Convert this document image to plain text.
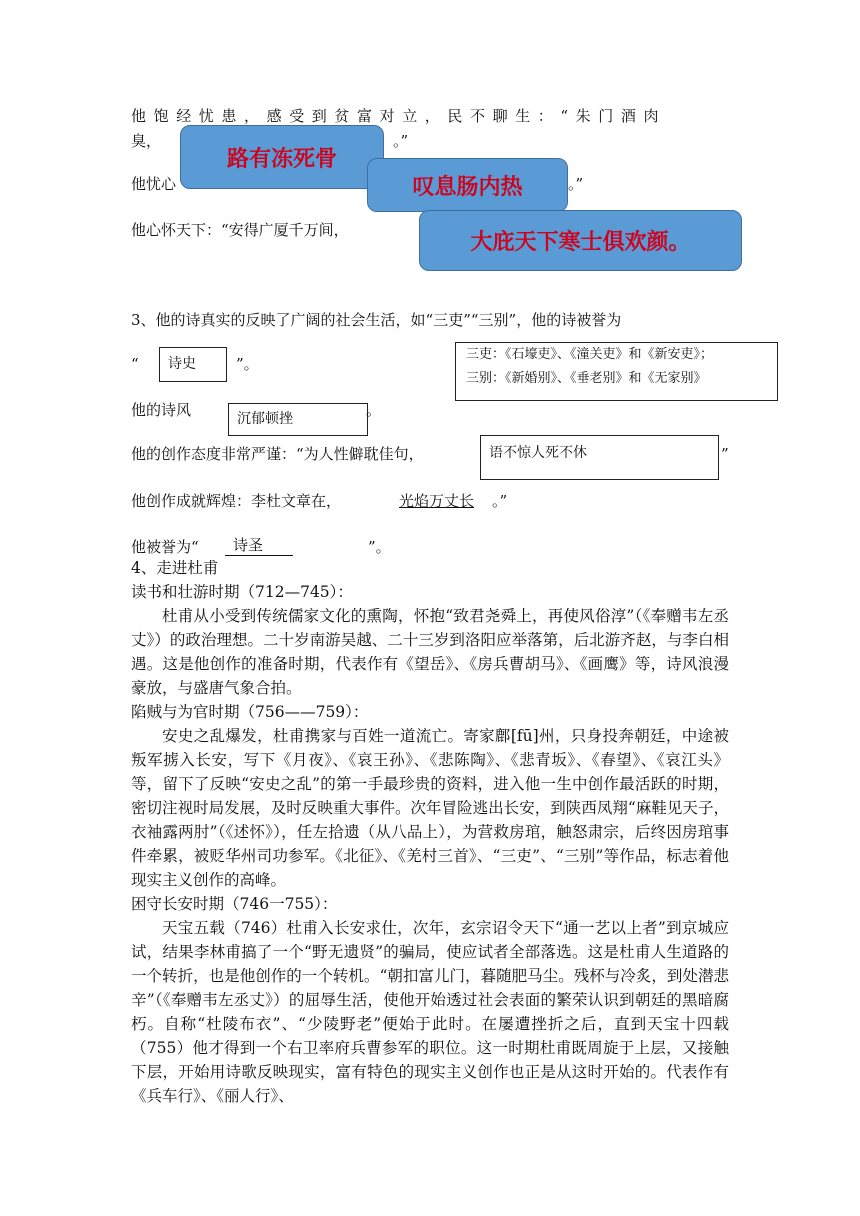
他饱经忧患，感受到贫富对立，民不聊生：“朱门酒肉
臭，	。”
他忧心	。”
他心怀天下：“安得广厦千万间，
路有冻死骨
叹息肠内热
大庇天下寒士俱欢颜。
3、他的诗真实的反映了广阔的社会生活，如“三吏”“三别”，他的诗被誉为
“	诗史	”。
三吏：《石壕吏》、《潼关吏》和《新安吏》；
三别：《新婚别》、《垂老别》和《无家别》
他的诗风	沉郁顿挫	。
他的创作态度非常严谨：“为人性僻耽佳句，	语不惊人死不休	”
他创作成就辉煌：李杜文章在，	光焰万丈长 。”
他被誉为“	诗圣	”。

4、走进杜甫

读书和壮游时期（712—745）：

杜甫从小受到传统儒家文化的熏陶，怀抱“致君尧舜上，再使风俗淳”（《奉赠韦左丞丈》）的政治理想。二十岁南游吴越、二十三岁到洛阳应举落第，后北游齐赵，与李白相遇。这是他创作的准备时期，代表作有《望岳》、《房兵曹胡马》、《画鹰》等，诗风浪漫豪放，与盛唐气象合拍。

陷贼与为官时期（756——759）：

安史之乱爆发，杜甫携家与百姓一道流亡。寄家鄜[fū]州，只身投奔朝廷，中途被叛军掳入长安，写下《月夜》、《哀王孙》、《悲陈陶》、《悲青坂》、《春望》、《哀江头》等，留下了反映“安史之乱”的第一手最珍贵的资料，进入他一生中创作最活跃的时期，密切注视时局发展，及时反映重大事件。次年冒险逃出长安，到陕西凤翔“麻鞋见天子，衣袖露两肘”（《述怀》），任左拾遗（从八品上），为营救房琯，触怒肃宗，后终因房琯事件牵累，被贬华州司功参军。《北征》、《羌村三首》、“三吏”、“三别”等作品，标志着他现实主义创作的高峰。

困守长安时期（746一755）：

天宝五载（746）杜甫入长安求仕，次年，玄宗诏令天下“通一艺以上者”到京城应试，结果李林甫搞了一个“野无遗贤”的骗局，使应试者全部落选。这是杜甫人生道路的一个转折，也是他创作的一个转机。“朝扣富儿门，暮随肥马尘。残杯与冷炙，到处潜悲辛”（《奉赠韦左丞丈》）的屈辱生活，使他开始透过社会表面的繁荣认识到朝廷的黑暗腐朽。自称“杜陵布衣”、“少陵野老”便始于此时。在屡遭挫折之后，直到天宝十四载（755）他才得到一个右卫率府兵曹参军的职位。这一时期杜甫既周旋于上层，又接触下层，开始用诗歌反映现实，富有特色的现实主义创作也正是从这时开始的。代表作有《兵车行》、《丽人行》、
